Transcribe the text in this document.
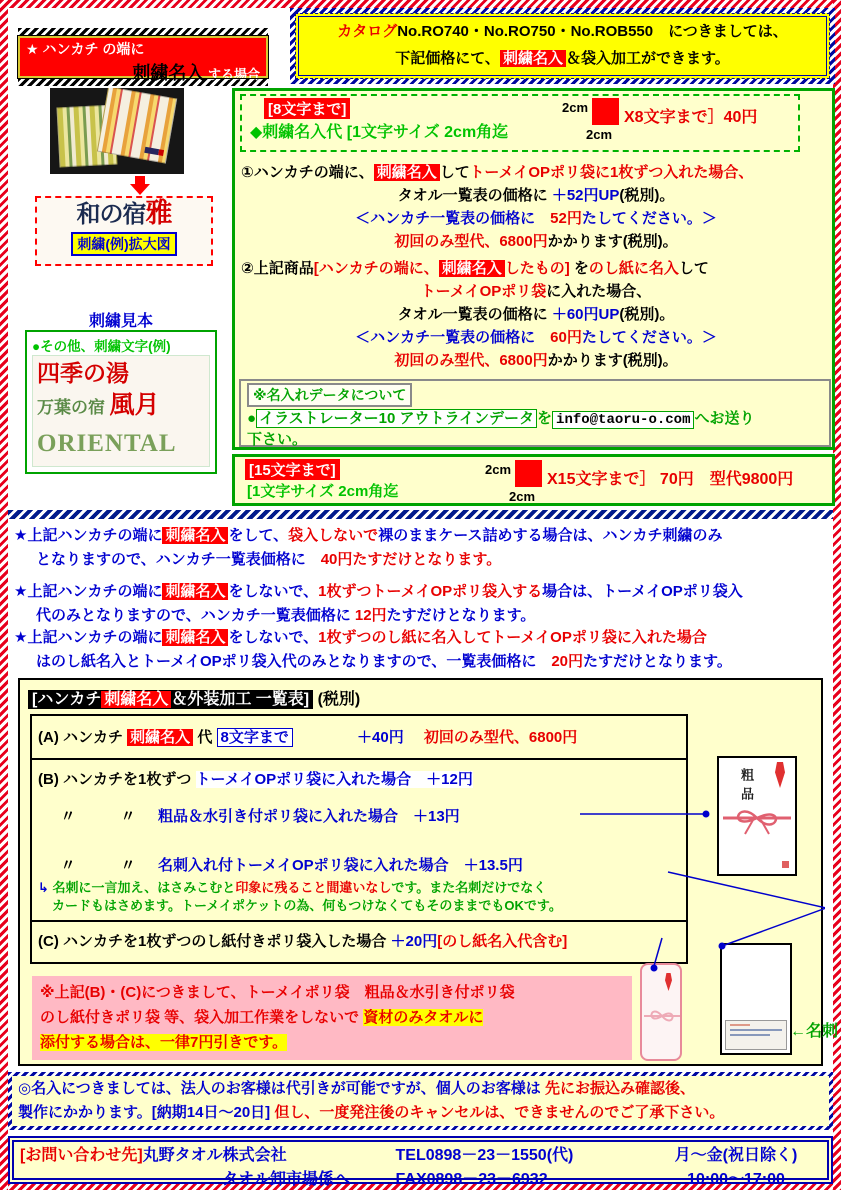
★ ハンカチ の端に
刺繍名入 する場合
カタログNo.RO740・No.RO750・No.ROB550　につきましては、
下記価格にて、 刺繍名入 ＆袋入加工ができます。
和の宿雅
刺繍(例)拡大図
刺繍見本
●その他、刺繍文字(例)
四季の湯
万葉の宿 風月
ORIENTAL
[8文字まで]
◆刺繍名入代 [1文字サイズ 2cm角迄
2cm
2cm
X8文字まで］40円
①ハンカチの端に、 刺繍名入 してトーメイOPポリ袋に1枚ずつ入れた場合、
タオル一覧表の価格に ＋52円UP(税別)。
＜ハンカチ一覧表の価格に　52円たしてください。＞
初回のみ型代、6800円かかります(税別)。
②上記商品[ハンカチの端に、 刺繍名入 したもの] をのし紙に名入して
トーメイOPポリ袋に入れた場合、
タオル一覧表の価格に ＋60円UP(税別)。
＜ハンカチ一覧表の価格に　60円たしてください。＞
初回のみ型代、6800円かかります(税別)。
※名入れデータについて
● イラストレーター10 アウトラインデータ を info@taoru-o.com へお送り
下さい。
[15文字まで]
[1文字サイズ 2cm角迄
2cm
2cm
X15文字まで］ 70円　型代9800円
★上記ハンカチの端に 刺繍名入 をして、袋入しないで裸のままケース詰めする場合は、ハンカチ刺繍のみ
となりますので、ハンカチ一覧表価格に　40円たすだけとなります。
★上記ハンカチの端に 刺繍名入 をしないで、1枚ずつトーメイOPポリ袋入する場合は、トーメイOPポリ袋入
代のみとなりますので、ハンカチ一覧表価格に 12円たすだけとなります。
★上記ハンカチの端に 刺繍名入 をしないで、1枚ずつのし紙に名入してトーメイOPポリ袋に入れた場合
はのし紙名入とトーメイOPポリ袋入代のみとなりますので、一覧表価格に　20円たすだけとなります。
[ハンカチ 刺繍名入 ＆外装加工 一覧表] (税別)
(A) ハンカチ 刺繍名入 代 8文字まで	＋40円 初回のみ型代、6800円
(B) ハンカチを1枚ずつ トーメイOPポリ袋に入れた場合　＋12円
〃	〃 粗品＆水引き付ポリ袋に入れた場合　＋13円
〃	〃 名刺入れ付トーメイOPポリ袋に入れた場合　＋13.5円
↳ 名刺に一言加え、はさみこむと印象に残ること間違いなしです。また名刺だけでなく
カードもはさめます。トーメイポケットの為、何もつけなくてもそのままでもOKです。
(C) ハンカチを1枚ずつのし紙付きポリ袋入した場合 ＋20円[のし紙名入代含む]
※上記(B)・(C)につきまして、トーメイポリ袋　粗品＆水引き付ポリ袋
のし紙付きポリ袋 等、袋入加工作業をしないで 資材のみタオルに
添付する場合は、一律7円引きです。
粗品
←名刺
◎名入につきましては、法人のお客様は代引きが可能ですが、個人のお客様は 先にお振込み確認後、
製作にかかります。[納期14日～20日] 但し、一度発注後のキャンセルは、できませんのでご了承下さい。
[お問い合わせ先]丸野タオル株式会社
タオル卸市場係へ
TEL0898－23－1550(代)
FAX0898－23－6932
月～金(祝日除く)
10:00～17:00
